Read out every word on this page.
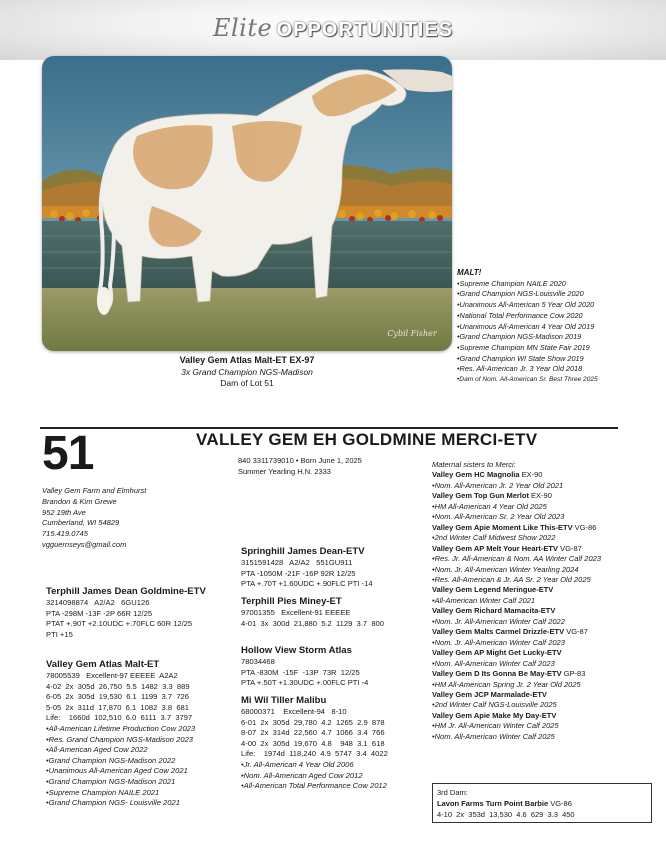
Elite OPPORTUNITIES
Cybil Fisher
Valley Gem Atlas Malt-ET EX-97
3x Grand Champion NGS-Madison
Dam of Lot 51
MALT!
•Supreme Champion NAILE 2020
•Grand Champion NGS-Louisville 2020
•Unanimous All-American 5 Year Old 2020
•National Total Performance Cow 2020
•Unanimous All-American 4 Year Old 2019
•Grand Champion NGS-Madison 2019
•Supreme Champion MN State Fair 2019
•Grand Champion WI State Show 2019
•Res. All-American Jr. 3 Year Old 2018
•Dam of Nom. All-American Sr. Best Three 2025
51	VALLEY GEM EH GOLDMINE MERCI-ETV
840 3311739010 • Born June 1, 2025
Summer Yearling H.N. 2333
Valley Gem Farm and Elmhurst
Brandon & Kim Grewe
952 19th Ave
Cumberland, WI 54829
715.419.0745
vgguernseys@gmail.com
Terphill James Dean Goldmine-ETV
3214098874   A2/A2   6GU126
PTA -298M -13F -2P 66R 12/25
PTAT +.90T +2.10UDC +.70FLC 60R 12/25
PTI +15
Valley Gem Atlas Malt-ET
78005539   Excellent-97 EEEEE  A2A2
4-02  2x  305d  26,750  5.5  1482  3.3  889
6-05  2x  305d  19,530  6.1  1199  3.7  726
5-05  2x  311d  17,870  6.1  1082  3.8  681
Life:    1660d  102,510  6.0  6111  3.7  3797
•All-American Lifetime Production Cow 2023
•Res. Grand Champion NGS-Madison 2023
•All-American Aged Cow 2022
•Grand Champion NGS-Madison 2022
•Unanimous All-American Aged Cow 2021
•Grand Champion NGS-Madison 2021
•Supreme Champion NAILE 2021
•Grand Champion NGS- Louisville 2021
Springhill James Dean-ETV
3151591428   A2/A2   551GU911
PTA -1050M -21F -16P 92R 12/25
PTA +.70T +1.60UDC +.90FLC PTI -14
Terphill Pies Miney-ET
97001355   Excellent-91 EEEEE
4-01  3x  300d  21,880  5.2  1129  3.7  800
Hollow View Storm Atlas
78034468
PTA -830M  -15F  -13P  73R  12/25
PTA +.50T +1.30UDC +.00FLC PTI -4
Mi Wil Tiller Malibu
68000371    Excellent-94   8-10
6-01  2x  305d  29,780  4.2  1265  2.9  878
8-07  2x  314d  22,560  4.7  1066  3.4  766
4-00  2x  305d  19,670  4.8    948  3.1  618
Life:    1974d  118,240  4.9  5747  3.4  4022
•Jr. All-American 4 Year Old 2006
•Nom. All-American Aged Cow 2012
•All-American Total Performance Cow 2012
Maternal sisters to Merci:
Valley Gem HC Magnolia EX-90
•Nom. All-American Jr. 2 Year Old 2021
Valley Gem Top Gun Merlot EX-90
•HM All-American 4 Year Old 2025
•Nom. All-American Sr. 2 Year Old 2023
Valley Gem Apie Moment Like This-ETV VG-86
•2nd Winter Calf Midwest Show 2022
Valley Gem AP Melt Your Heart-ETV VG-87
•Res. Jr. All-American & Nom. AA Winter Calf 2023
•Nom. Jr. All-American Winter Yearling 2024
•Res. All-American & Jr. AA Sr. 2 Year Old 2025
Valley Gem Legend Meringue-ETV
•All-American Winter Calf 2021
Valley Gem Richard Mamacita-ETV
•Nom. Jr. All-American Winter Calf 2022
Valley Gem Malts Carmel Drizzle-ETV VG-87
•Nom. Jr. All-American Winter Calf 2023
Valley Gem AP Might Get Lucky-ETV
•Nom. All-American Winter Calf 2023
Valley Gem D Its Gonna Be May-ETV GP-83
•HM All-American Spring Jr. 2 Year Old 2025
Valley Gem JCP Marmalade-ETV
•2nd Winter Calf NGS-Louisville 2025
Valley Gem Apie Make My Day-ETV
•HM Jr. All-American Winter Calf 2025
•Nom. All-American Winter Calf 2025
3rd Dam:
Lavon Farms Turn Point Barbie VG-86
4-10  2x  353d  13,530  4.6  629  3.3  450
